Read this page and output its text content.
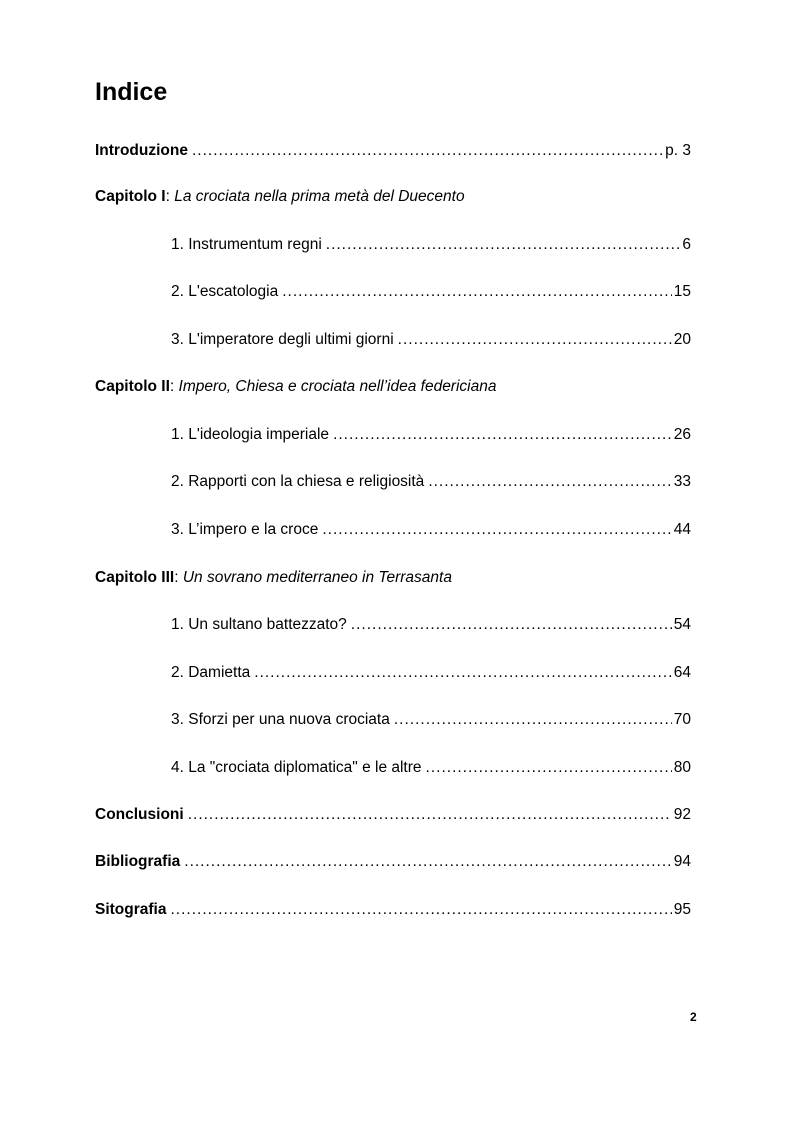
Indice
Introduzione .....	p. 3
Capitolo I: La crociata nella prima metà del Duecento
1. Instrumentum regni .....	6
2. L'escatologia .....	15
3. L'imperatore degli ultimi giorni .....	20
Capitolo II: Impero, Chiesa e crociata nell’idea federiciana
1. L'ideologia imperiale .....	26
2. Rapporti con la chiesa e religiosità .....	33
3. L’impero e la croce .....	44
Capitolo III: Un sovrano mediterraneo in Terrasanta
1. Un sultano battezzato? .....	54
2. Damietta .....	64
3. Sforzi per una nuova crociata .....	70
4. La "crociata diplomatica" e le altre .....	80
Conclusioni .....	92
Bibliografia .....	94
Sitografia .....	95
2
